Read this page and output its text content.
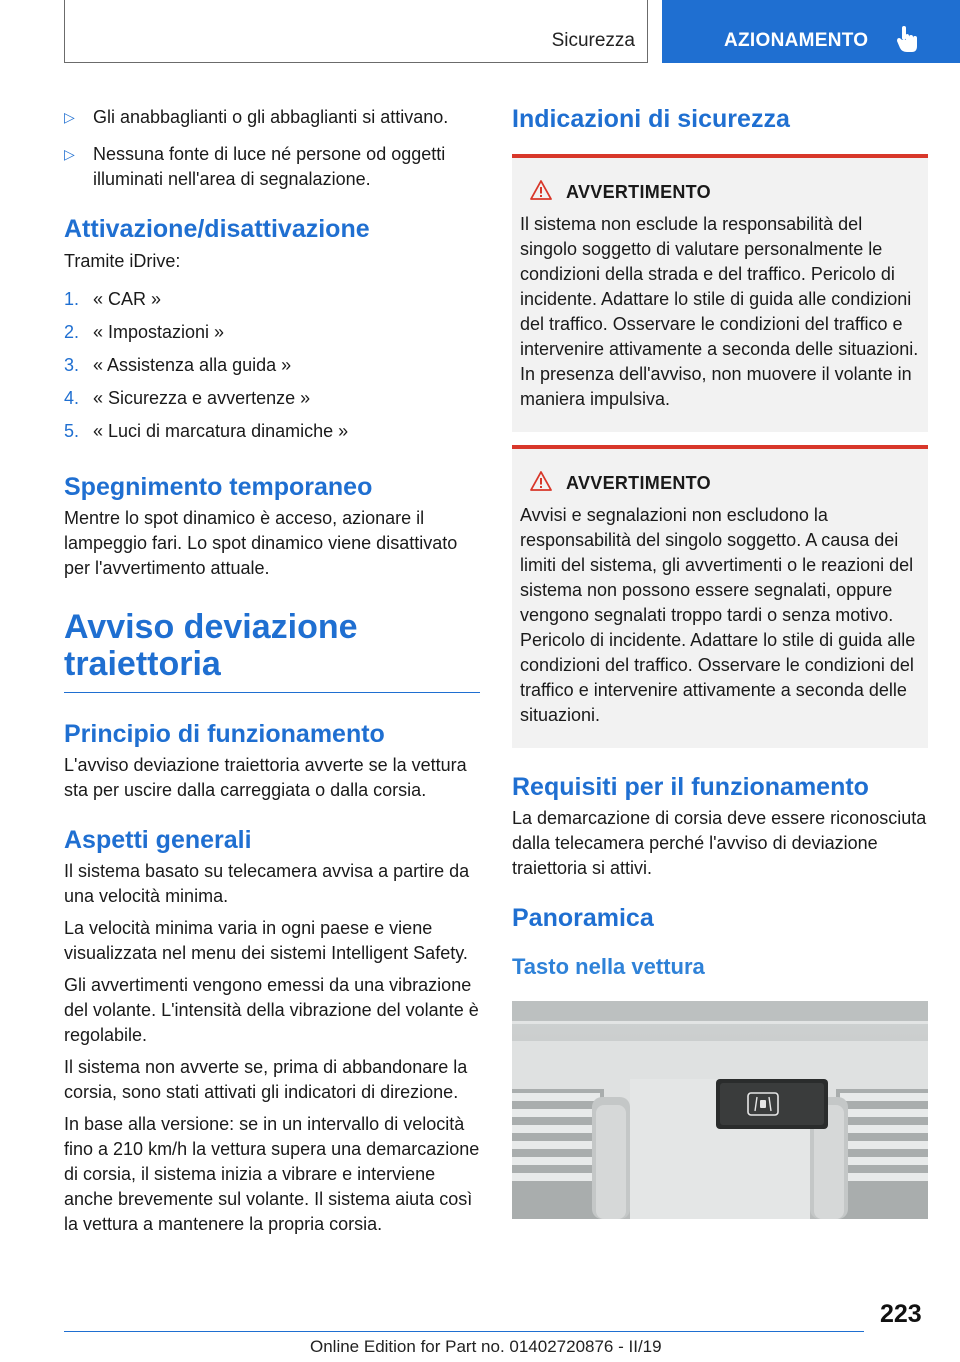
Sicurezza	AZIONAMENTO
▷ Gli anabbaglianti o gli abbaglianti si attivano.
▷ Nessuna fonte di luce né persone od oggetti illuminati nell'area di segnalazione.
Attivazione/disattivazione

Tramite iDrive:

1. « CAR »
2. « Impostazioni »
3. « Assistenza alla guida »
4. « Sicurezza e avvertenze »
5. « Luci di marcatura dinamiche »
Spegnimento temporaneo

Mentre lo spot dinamico è acceso, azionare il lampeggio fari. Lo spot dinamico viene disattivato per l'avvertimento attuale.

Avviso deviazione
traiettoria
Principio di funzionamento

L'avviso deviazione traiettoria avverte se la vettura sta per uscire dalla carreggiata o dalla corsia.

Aspetti generali

Il sistema basato su telecamera avvisa a partire da una velocità minima.

La velocità minima varia in ogni paese e viene visualizzata nel menu dei sistemi Intelligent Safety.

Gli avvertimenti vengono emessi da una vibrazione del volante. L'intensità della vibrazione del volante è regolabile.

Il sistema non avverte se, prima di abbandonare la corsia, sono stati attivati gli indicatori di direzione.

In base alla versione: se in un intervallo di velocità fino a 210 km/h la vettura supera una demarcazione di corsia, il sistema inizia a vibrare e interviene anche brevemente sul volante. Il sistema aiuta così la vettura a mantenere la propria corsia.

Indicazioni di sicurezza
AVVERTIMENTO

Il sistema non esclude la responsabilità del singolo soggetto di valutare personalmente le condizioni della strada e del traffico. Pericolo di incidente. Adattare lo stile di guida alle condizioni del traffico. Osservare le condizioni del traffico e intervenire attivamente a seconda delle situazioni. In presenza dell'avviso, non muovere il volante in maniera impulsiva.

AVVERTIMENTO

Avvisi e segnalazioni non escludono la responsabilità del singolo soggetto. A causa dei limiti del sistema, gli avvertimenti o le reazioni del sistema non possono essere segnalati, oppure vengono segnalati troppo tardi o senza motivo. Pericolo di incidente. Adattare lo stile di guida alle condizioni del traffico. Osservare le condizioni del traffico e intervenire attivamente a seconda delle situazioni.

Requisiti per il funzionamento

La demarcazione di corsia deve essere riconosciuta dalla telecamera perché l'avviso di deviazione traiettoria si attivi.

Panoramica
Tasto nella vettura
223
Online Edition for Part no. 01402720876 - II/19
